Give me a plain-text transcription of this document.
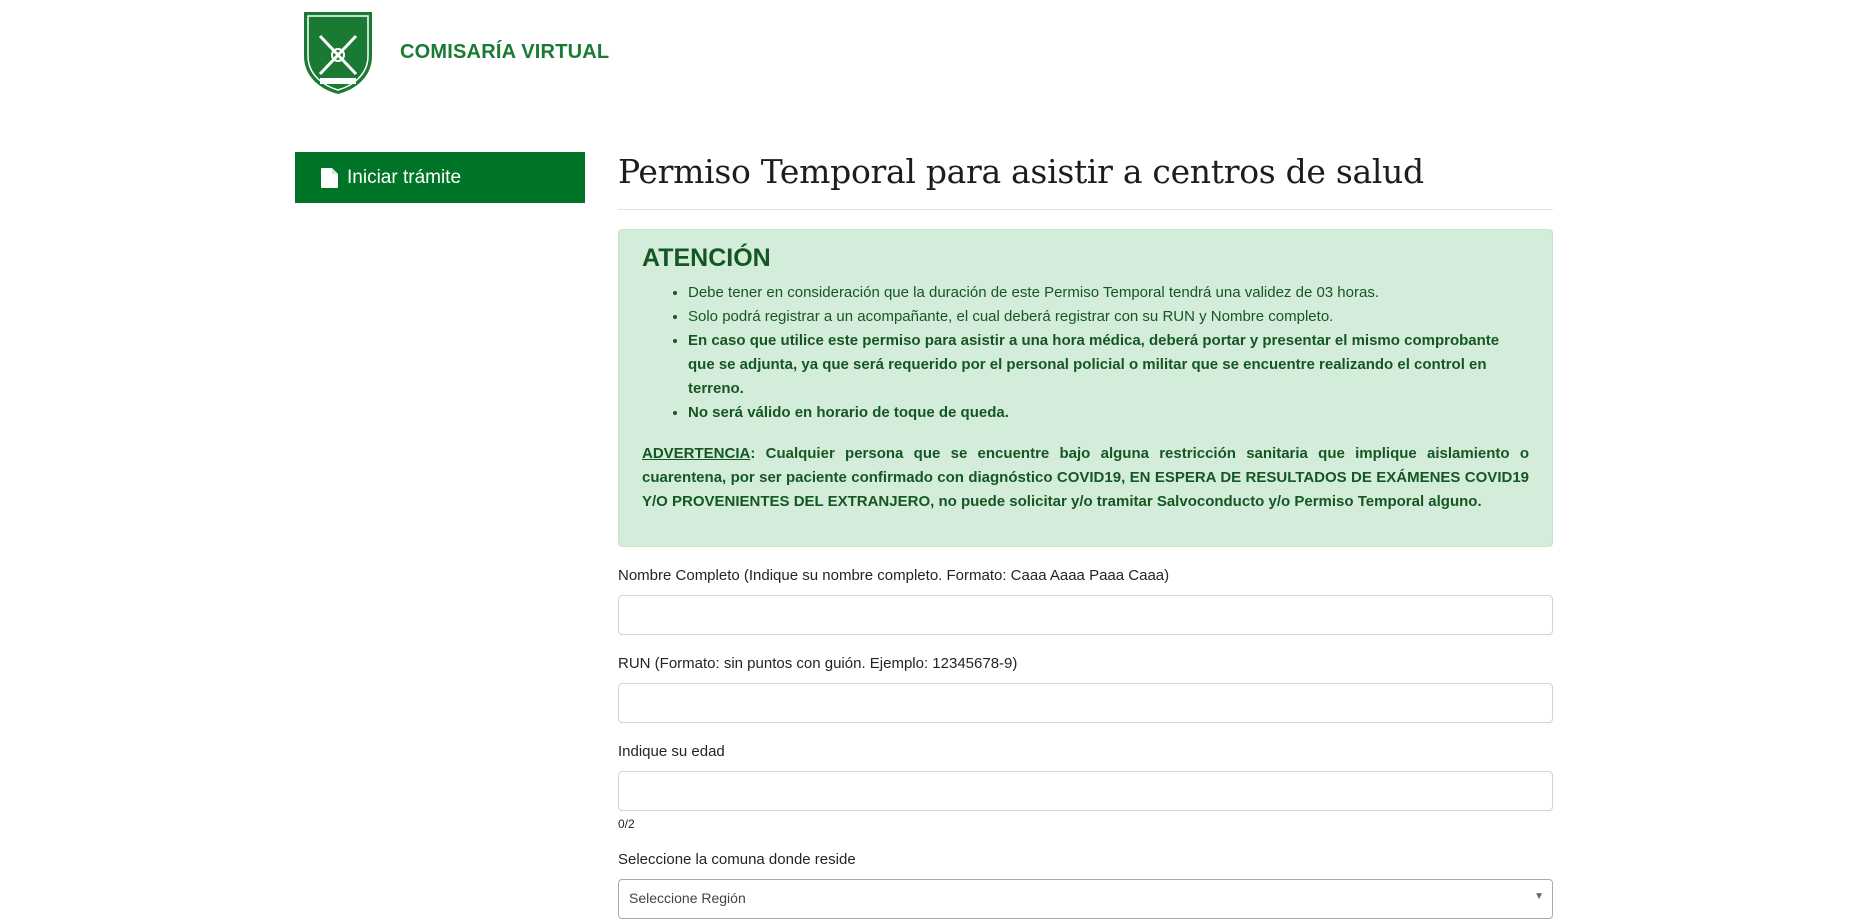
COMISARÍA VIRTUAL
Iniciar trámite	Permiso Temporal para asistir a centros de salud
ATENCIÓN
• Debe tener en consideración que la duración de este Permiso Temporal tendrá una validez de 03 horas.
• Solo podrá registrar a un acompañante, el cual deberá registrar con su RUN y Nombre completo.
• En caso que utilice este permiso para asistir a una hora médica, deberá portar y presentar el mismo comprobante que se adjunta, ya que será requerido por el personal policial o militar que se encuentre realizando el control en terreno.
• No será válido en horario de toque de queda.

ADVERTENCIA: Cualquier persona que se encuentre bajo alguna restricción sanitaria que implique aislamiento o cuarentena, por ser paciente confirmado con diagnóstico COVID19, EN ESPERA DE RESULTADOS DE EXÁMENES COVID19 Y/O PROVENIENTES DEL EXTRANJERO, no puede solicitar y/o tramitar Salvoconducto y/o Permiso Temporal alguno.

Nombre Completo (Indique su nombre completo. Formato: Caaa Aaaa Paaa Caaa)
RUN (Formato: sin puntos con guión. Ejemplo: 12345678-9)
Indique su edad
0/2
Seleccione la comuna donde reside
Seleccione Región	▼
